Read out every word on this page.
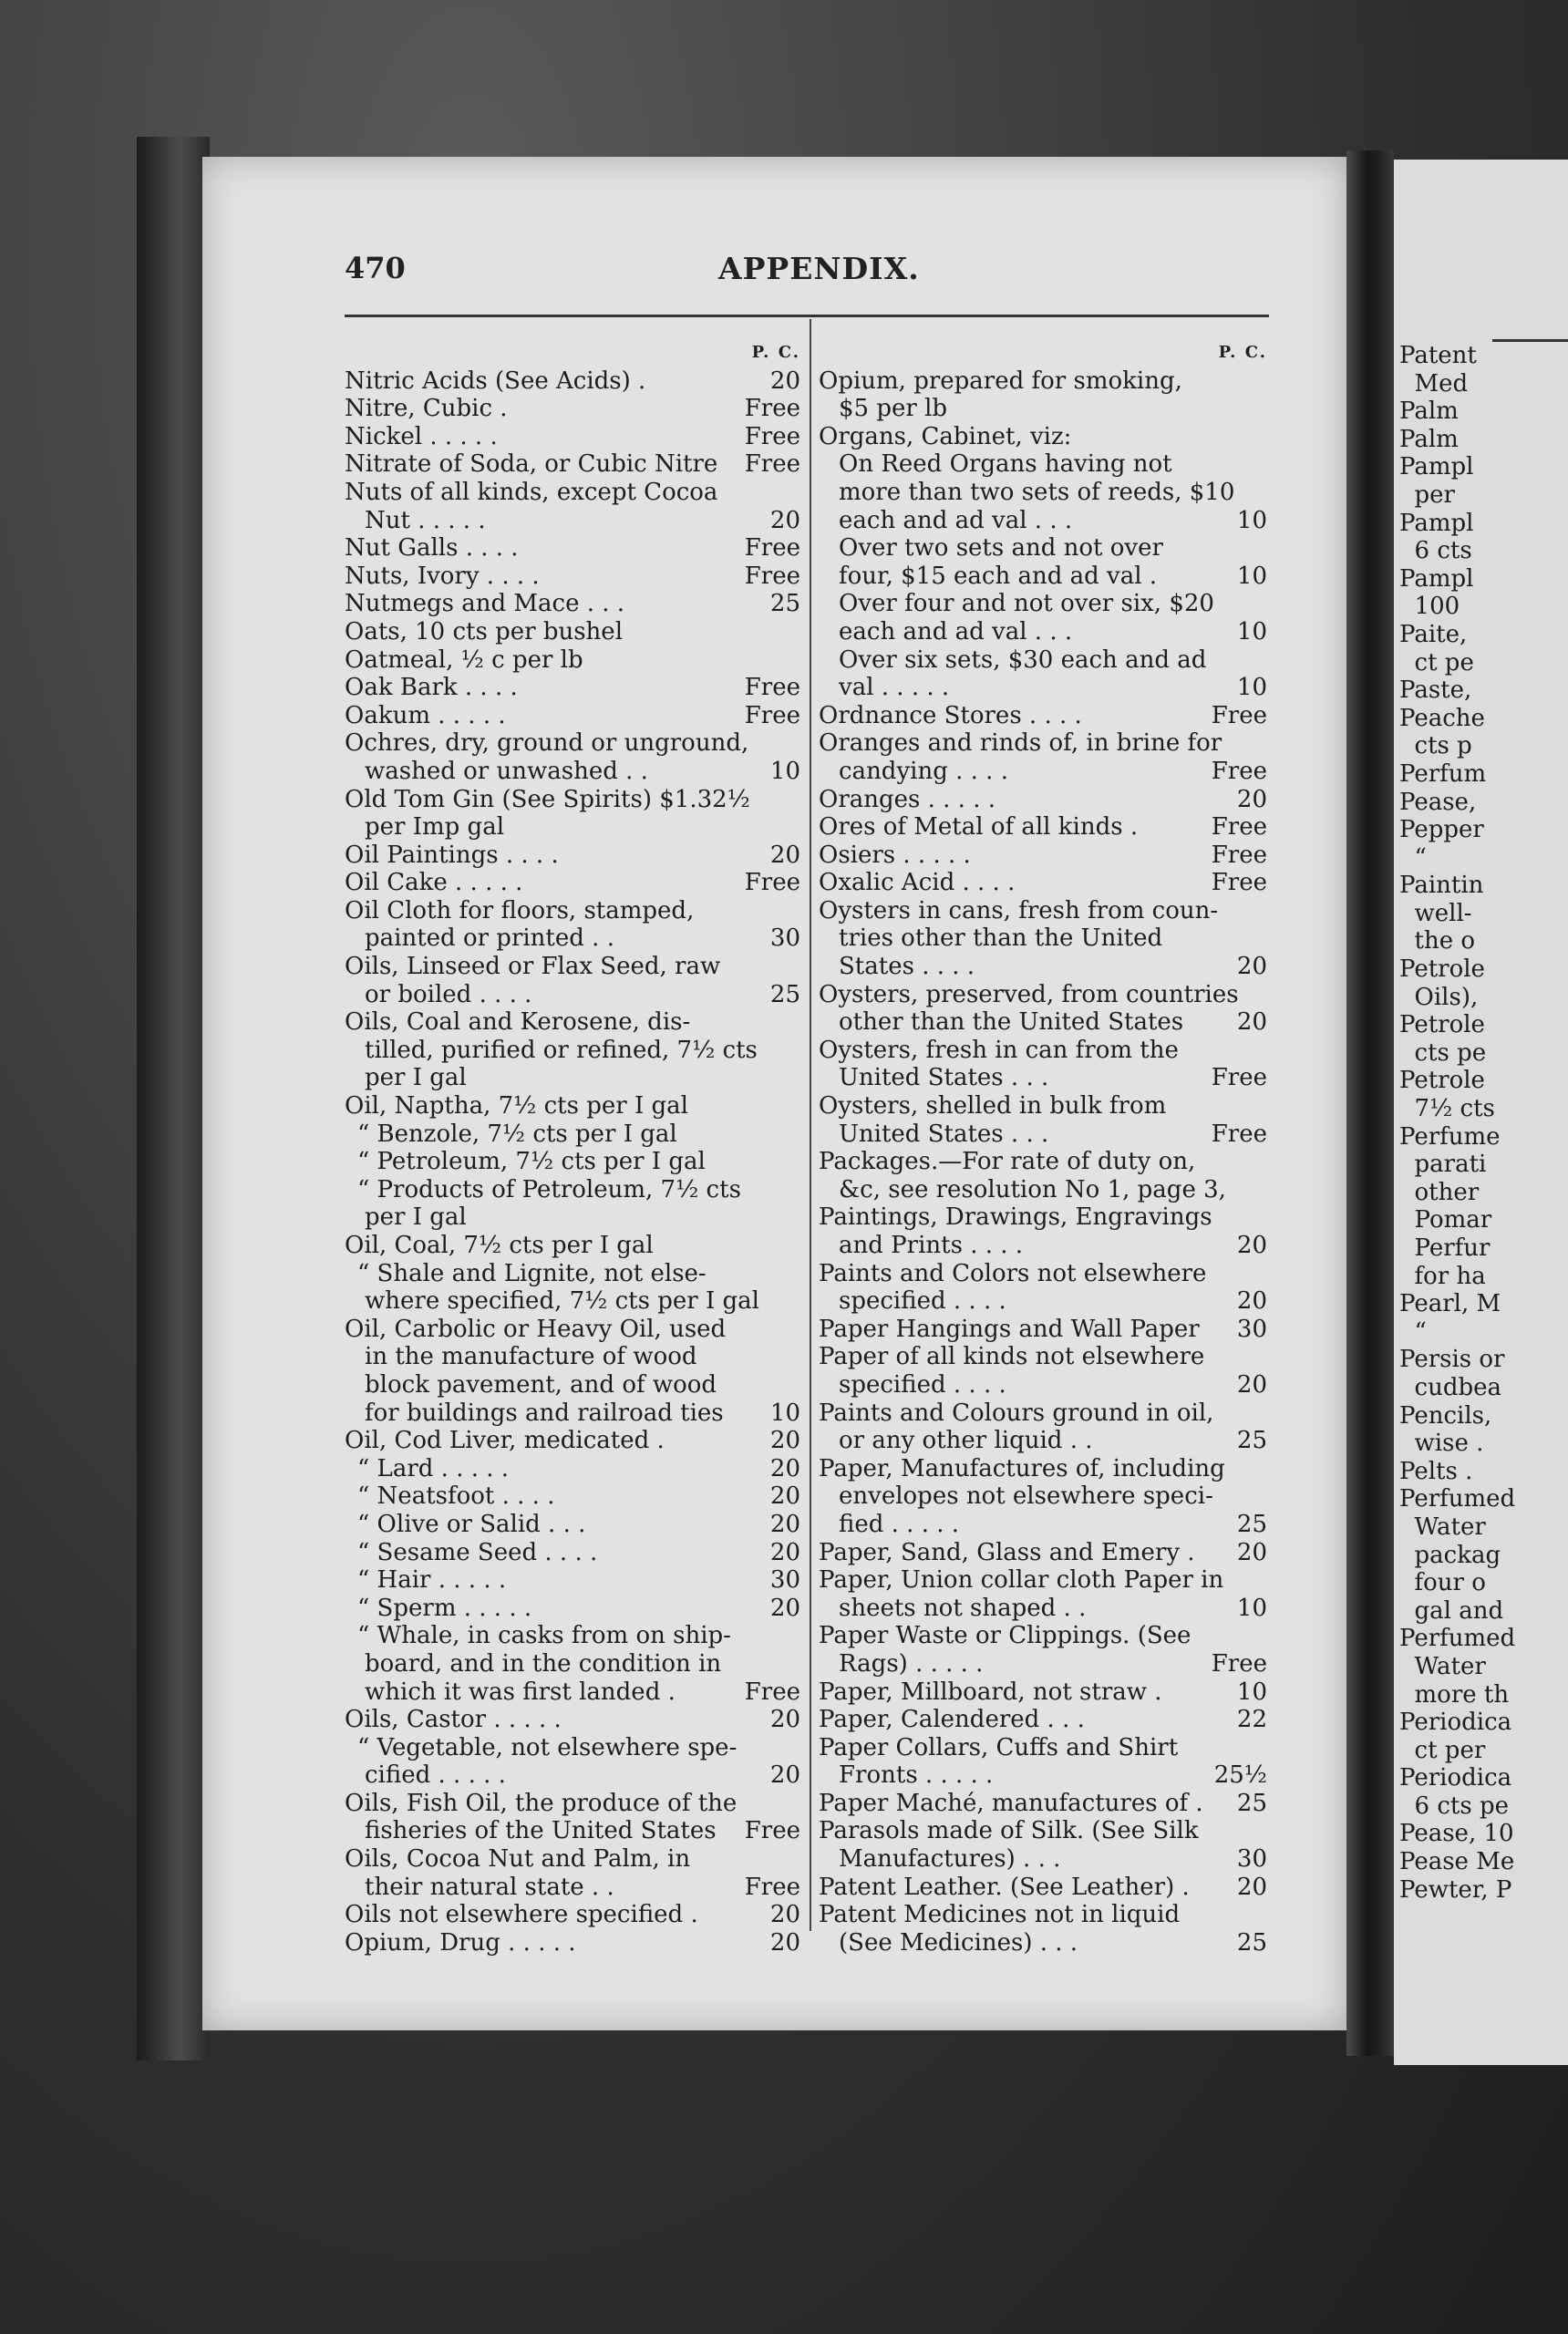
Patent
Med
Palm
Palm
Pampl
per
Pampl
6 cts
Pampl
100
Paite,
ct pe
Paste,
Peache
cts p
Perfum
Pease,
Pepper
“
Paintin
well-
the o
Petrole
Oils),
Petrole
cts pe
Petrole
7½ cts
Perfume
parati
other
Pomar
Perfur
for ha
Pearl, M
“
Persis or
cudbea
Pencils,
wise .
Pelts .
Perfumed
Water
packag
four o
gal and
Perfumed
Water
more th
Periodica
ct per
Periodica
6 cts pe
Pease, 10
Pease Me
Pewter, P
470	APPENDIX.
P. C.
Nitric Acids (See Acids) .	20
Nitre, Cubic .	Free
Nickel . . . . .	Free
Nitrate of Soda, or Cubic Nitre	Free
Nuts of all kinds, except Cocoa
Nut . . . . .	20
Nut Galls . . . .	Free
Nuts, Ivory . . . .	Free
Nutmegs and Mace . . .	25
Oats, 10 cts per bushel
Oatmeal, ½ c per lb
Oak Bark . . . .	Free
Oakum . . . . .	Free
Ochres, dry, ground or unground,
washed or unwashed . .	10
Old Tom Gin (See Spirits) $1.32½
per Imp gal
Oil Paintings . . . .	20
Oil Cake . . . . .	Free
Oil Cloth for floors, stamped,
painted or printed . .	30
Oils, Linseed or Flax Seed, raw
or boiled . . . .	25
Oils, Coal and Kerosene, dis-
tilled, purified or refined, 7½ cts
per I gal
Oil, Naptha, 7½ cts per I gal
“ Benzole, 7½ cts per I gal
“ Petroleum, 7½ cts per I gal
“ Products of Petroleum, 7½ cts
per I gal
Oil, Coal, 7½ cts per I gal
“ Shale and Lignite, not else-
where specified, 7½ cts per I gal
Oil, Carbolic or Heavy Oil, used
in the manufacture of wood
block pavement, and of wood
for buildings and railroad ties	10
Oil, Cod Liver, medicated .	20
“ Lard . . . . .	20
“ Neatsfoot . . . .	20
“ Olive or Salid . . .	20
“ Sesame Seed . . . .	20
“ Hair . . . . .	30
“ Sperm . . . . .	20
“ Whale, in casks from on ship-
board, and in the condition in
which it was first landed .	Free
Oils, Castor . . . . .	20
“ Vegetable, not elsewhere spe-
cified . . . . .	20
Oils, Fish Oil, the produce of the
fisheries of the United States	Free
Oils, Cocoa Nut and Palm, in
their natural state . .	Free
Oils not elsewhere specified .	20
Opium, Drug . . . . .	20
P. C.
Opium, prepared for smoking,
$5 per lb
Organs, Cabinet, viz:
On Reed Organs having not
more than two sets of reeds, $10
each and ad val . . .	10
Over two sets and not over
four, $15 each and ad val .	10
Over four and not over six, $20
each and ad val . . .	10
Over six sets, $30 each and ad
val . . . . .	10
Ordnance Stores . . . .	Free
Oranges and rinds of, in brine for
candying . . . .	Free
Oranges . . . . .	20
Ores of Metal of all kinds .	Free
Osiers . . . . .	Free
Oxalic Acid . . . .	Free
Oysters in cans, fresh from coun-
tries other than the United
States . . . .	20
Oysters, preserved, from countries
other than the United States	20
Oysters, fresh in can from the
United States . . .	Free
Oysters, shelled in bulk from
United States . . .	Free
Packages.—For rate of duty on,
&c, see resolution No 1, page 3,
Paintings, Drawings, Engravings
and Prints . . . .	20
Paints and Colors not elsewhere
specified . . . .	20
Paper Hangings and Wall Paper	30
Paper of all kinds not elsewhere
specified . . . .	20
Paints and Colours ground in oil,
or any other liquid . .	25
Paper, Manufactures of, including
envelopes not elsewhere speci-
fied . . . . .	25
Paper, Sand, Glass and Emery .	20
Paper, Union collar cloth Paper in
sheets not shaped . .	10
Paper Waste or Clippings. (See
Rags) . . . . .	Free
Paper, Millboard, not straw .	10
Paper, Calendered . . .	22
Paper Collars, Cuffs and Shirt
Fronts . . . . .	25½
Paper Maché, manufactures of .	25
Parasols made of Silk. (See Silk
Manufactures) . . .	30
Patent Leather. (See Leather) .	20
Patent Medicines not in liquid
(See Medicines) . . .	25
